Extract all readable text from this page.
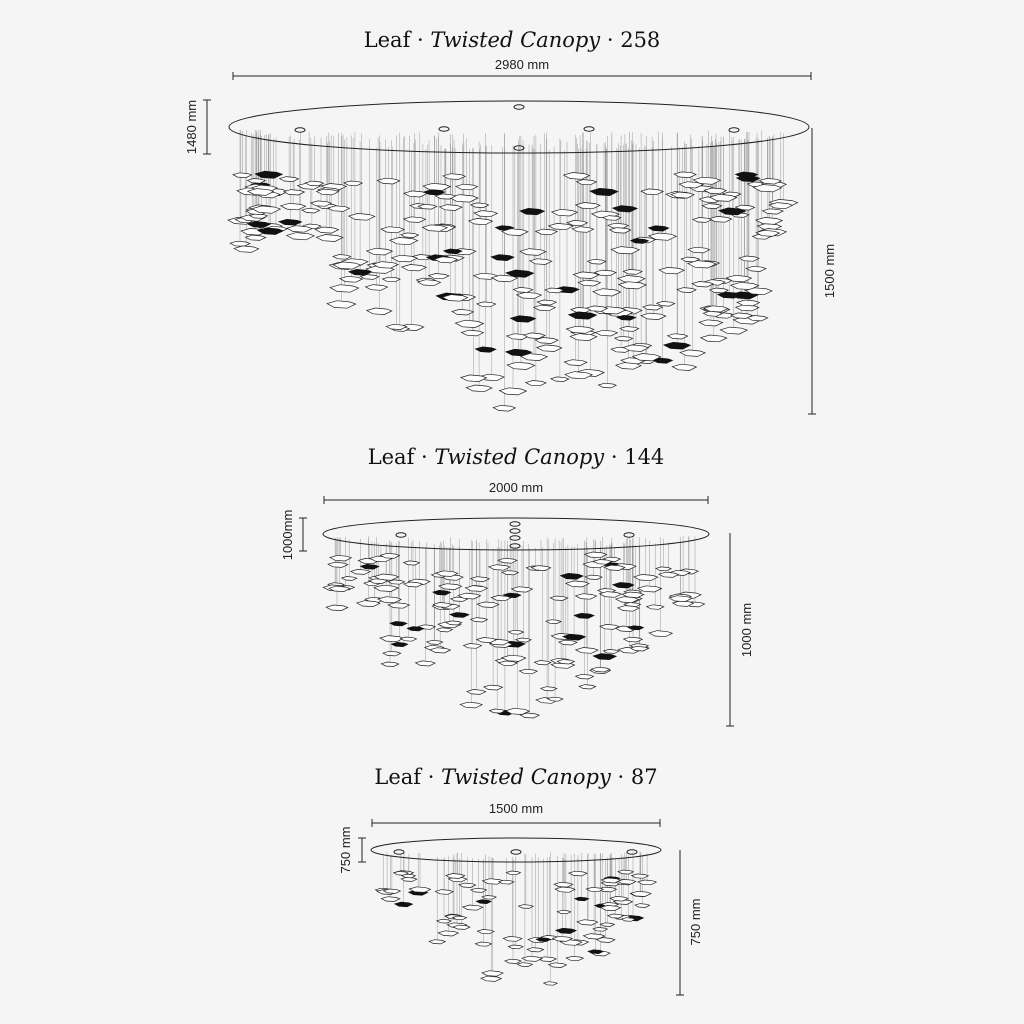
Leaf · Twisted Canopy · 258
2980 mm
1480 mm
1500 mm
Leaf · Twisted Canopy · 144
2000 mm
1000mm
1000 mm
Leaf · Twisted Canopy · 87
1500 mm
750 mm
750 mm
